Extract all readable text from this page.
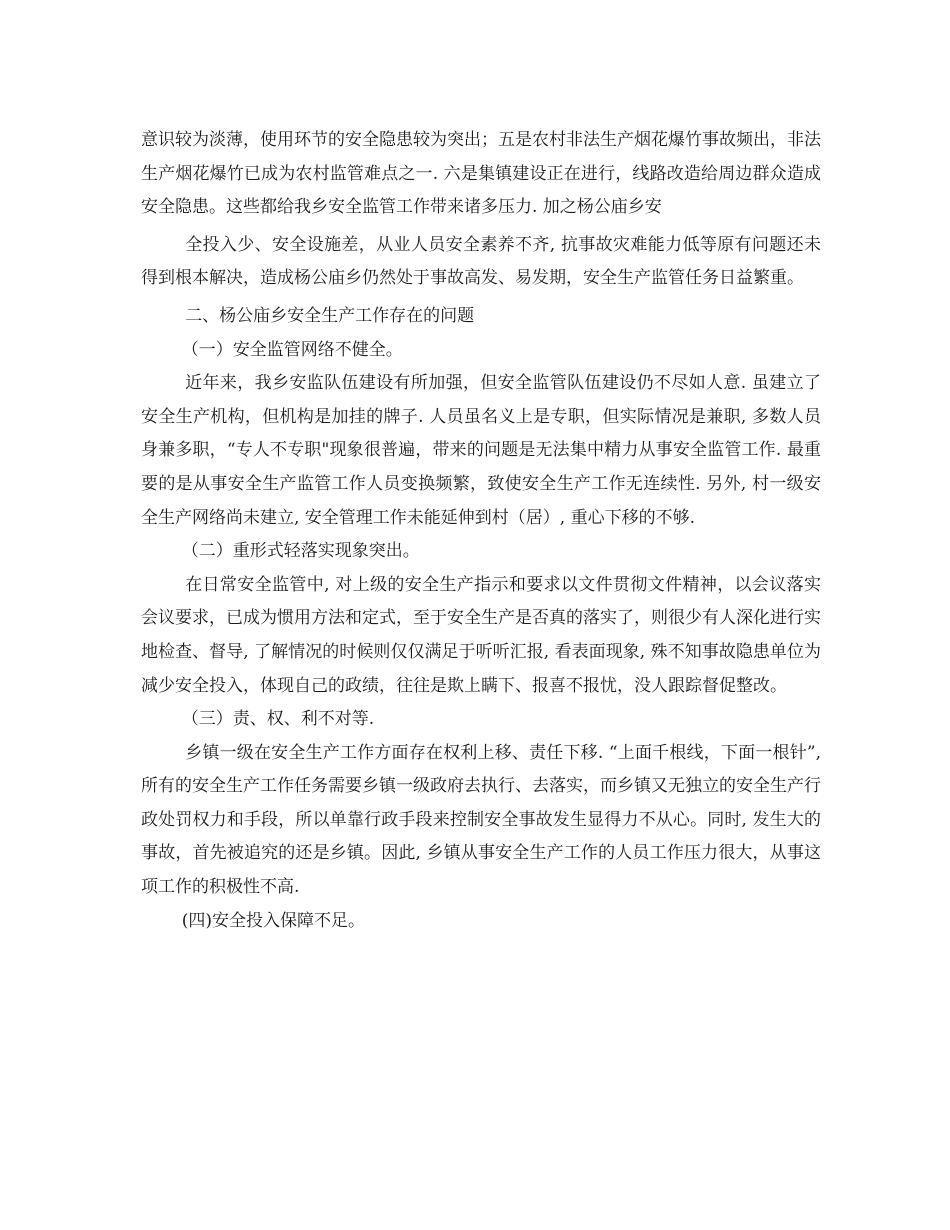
意识较为淡薄，使用环节的安全隐患较为突出；五是农村非法生产烟花爆竹事故频出，非法生产烟花爆竹已成为农村监管难点之一. 六是集镇建设正在进行，线路改造给周边群众造成安全隐患。这些都给我乡安全监管工作带来诸多压力. 加之杨公庙乡安

全投入少、安全设施差，从业人员安全素养不齐, 抗事故灾难能力低等原有问题还未得到根本解决，造成杨公庙乡仍然处于事故高发、易发期，安全生产监管任务日益繁重。

二、杨公庙乡安全生产工作存在的问题

（一）安全监管网络不健全。

近年来，我乡安监队伍建设有所加强，但安全监管队伍建设仍不尽如人意. 虽建立了安全生产机构，但机构是加挂的牌子. 人员虽名义上是专职，但实际情况是兼职, 多数人员身兼多职，“专人不专职"现象很普遍，带来的问题是无法集中精力从事安全监管工作. 最重要的是从事安全生产监管工作人员变换频繁，致使安全生产工作无连续性. 另外, 村一级安全生产网络尚未建立, 安全管理工作未能延伸到村（居）, 重心下移的不够.

（二）重形式轻落实现象突出。

在日常安全监管中, 对上级的安全生产指示和要求以文件贯彻文件精神，以会议落实会议要求，已成为惯用方法和定式，至于安全生产是否真的落实了，则很少有人深化进行实地检查、督导, 了解情况的时候则仅仅满足于听听汇报, 看表面现象, 殊不知事故隐患单位为减少安全投入，体现自己的政绩，往往是欺上瞒下、报喜不报忧，没人跟踪督促整改。

（三）责、权、利不对等.

乡镇一级在安全生产工作方面存在权利上移、责任下移. “上面千根线，下面一根针”, 所有的安全生产工作任务需要乡镇一级政府去执行、去落实，而乡镇又无独立的安全生产行政处罚权力和手段，所以单靠行政手段来控制安全事故发生显得力不从心。同时, 发生大的事故，首先被追究的还是乡镇。因此, 乡镇从事安全生产工作的人员工作压力很大，从事这项工作的积极性不高.

(四)安全投入保障不足。
